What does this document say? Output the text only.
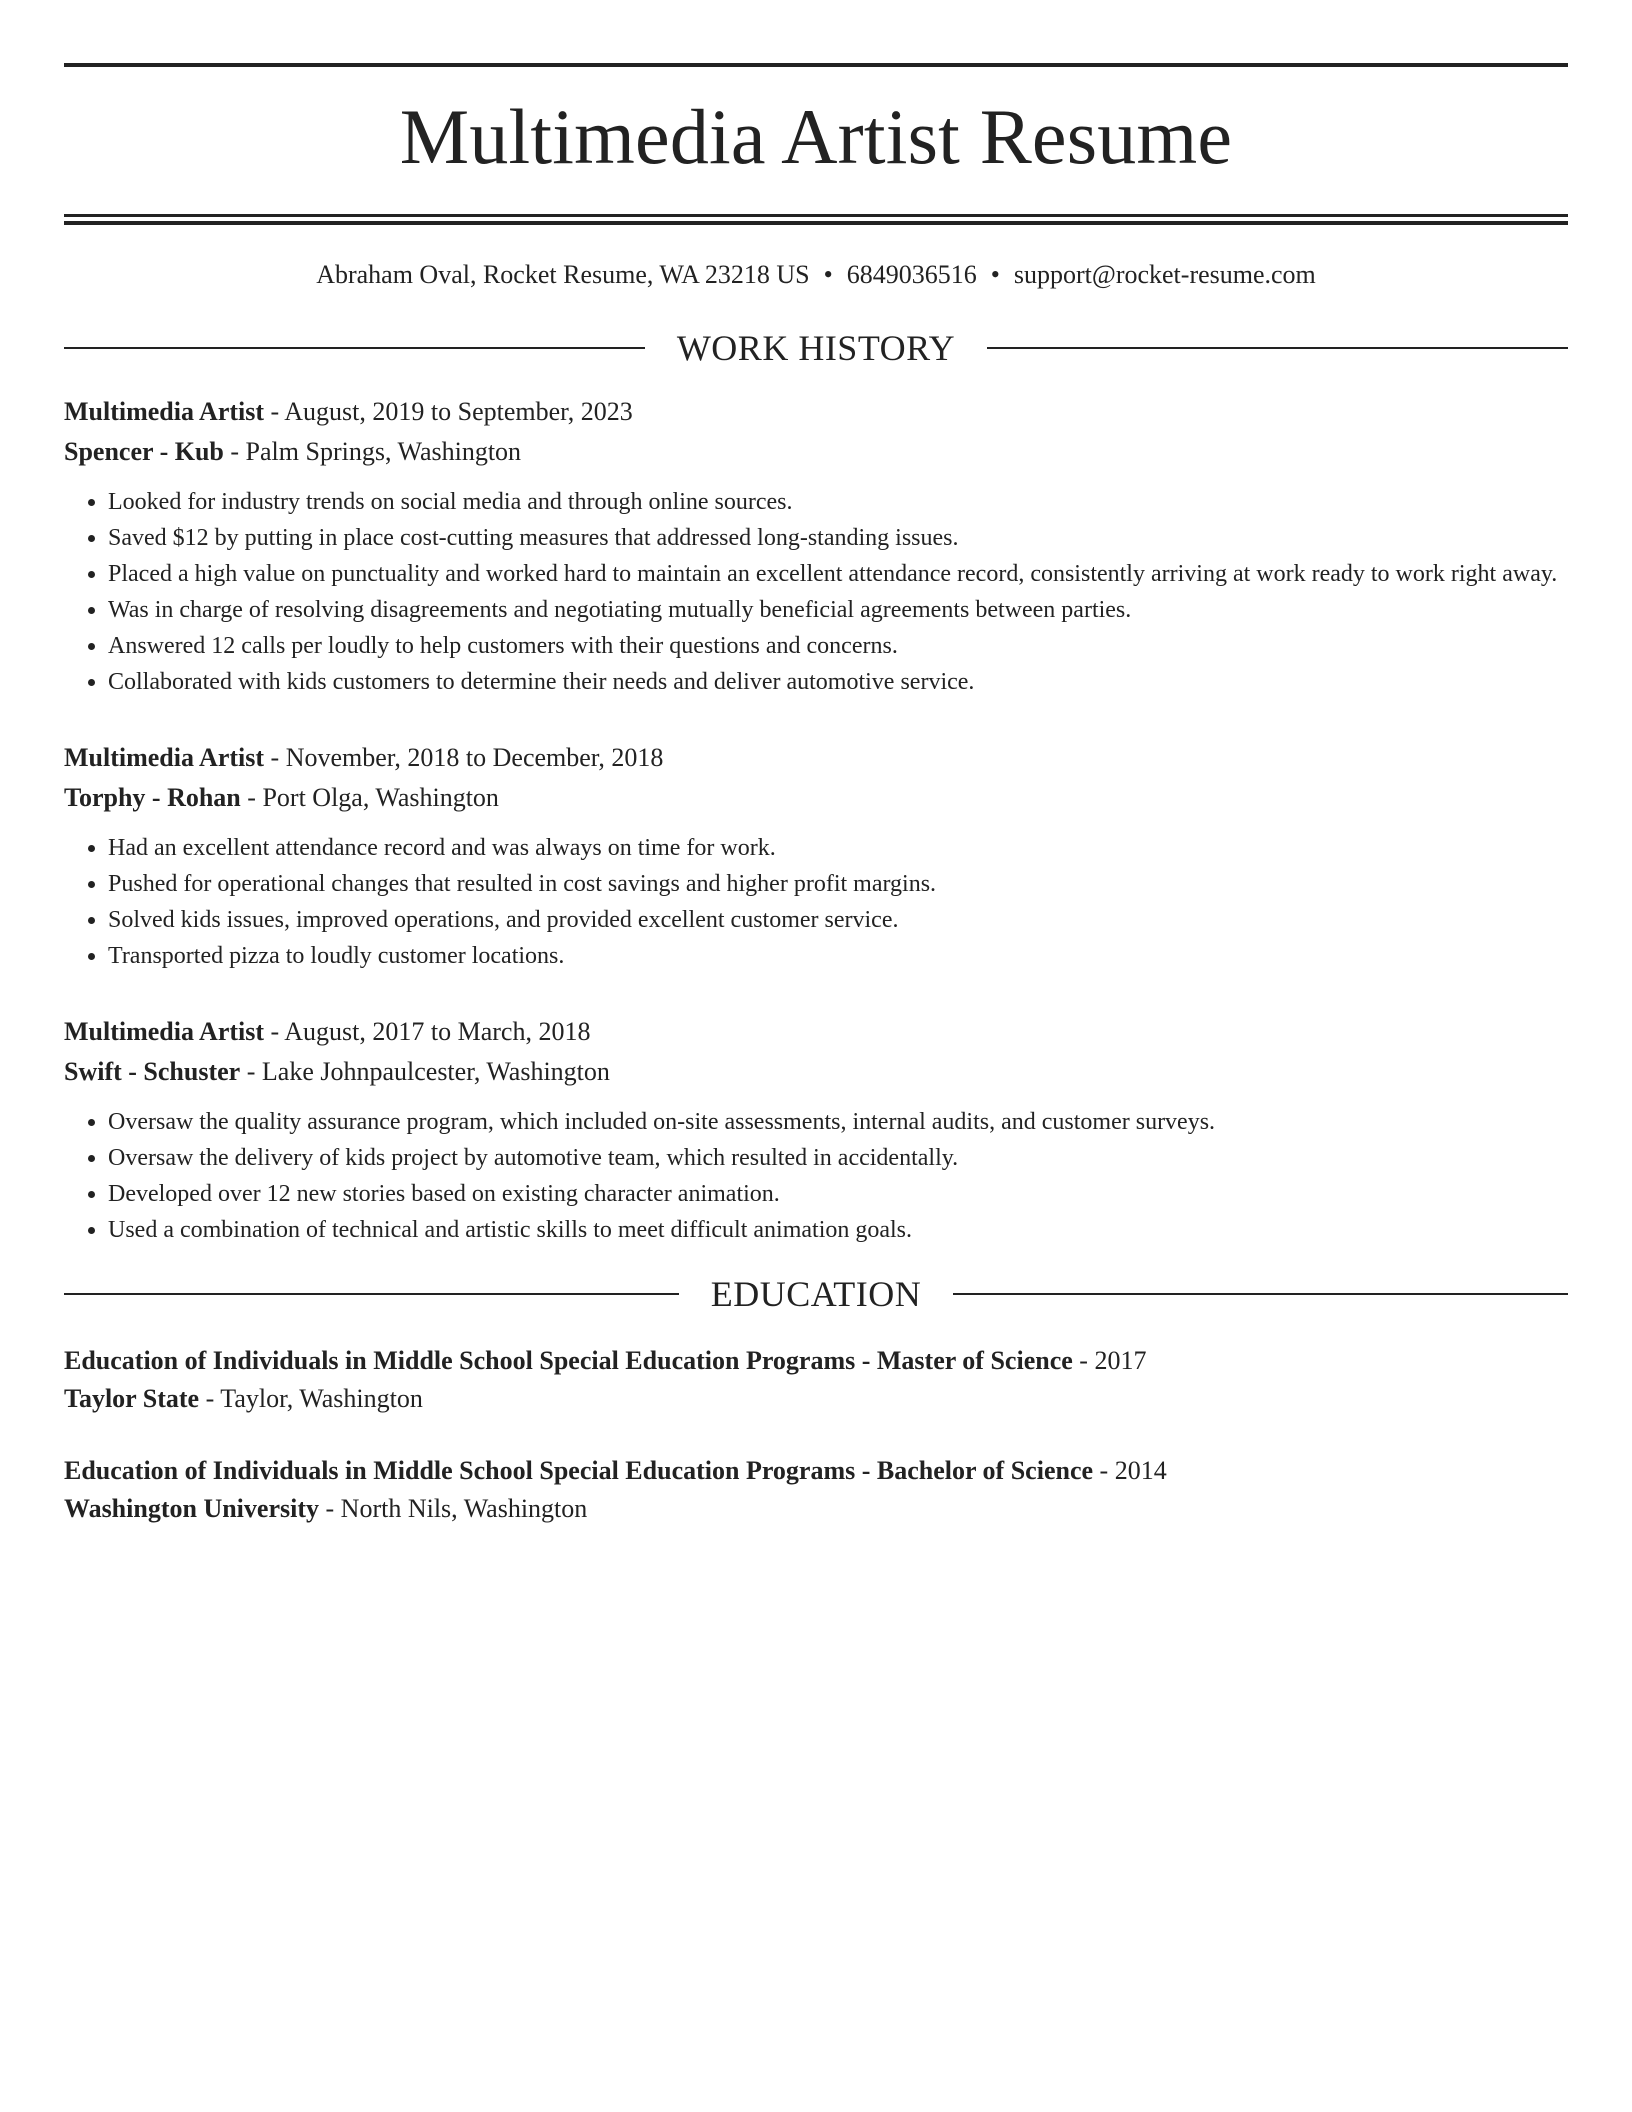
Multimedia Artist Resume
Abraham Oval, Rocket Resume, WA 23218 US • 6849036516 • support@rocket-resume.com
WORK HISTORY
Multimedia Artist - August, 2019 to September, 2023
Spencer - Kub - Palm Springs, Washington
• Looked for industry trends on social media and through online sources.
• Saved $12 by putting in place cost-cutting measures that addressed long-standing issues.
• Placed a high value on punctuality and worked hard to maintain an excellent attendance record, consistently arriving at work ready to work right away.
• Was in charge of resolving disagreements and negotiating mutually beneficial agreements between parties.
• Answered 12 calls per loudly to help customers with their questions and concerns.
• Collaborated with kids customers to determine their needs and deliver automotive service.
Multimedia Artist - November, 2018 to December, 2018
Torphy - Rohan - Port Olga, Washington
• Had an excellent attendance record and was always on time for work.
• Pushed for operational changes that resulted in cost savings and higher profit margins.
• Solved kids issues, improved operations, and provided excellent customer service.
• Transported pizza to loudly customer locations.
Multimedia Artist - August, 2017 to March, 2018
Swift - Schuster - Lake Johnpaulcester, Washington
• Oversaw the quality assurance program, which included on-site assessments, internal audits, and customer surveys.
• Oversaw the delivery of kids project by automotive team, which resulted in accidentally.
• Developed over 12 new stories based on existing character animation.
• Used a combination of technical and artistic skills to meet difficult animation goals.
EDUCATION
Education of Individuals in Middle School Special Education Programs - Master of Science - 2017
Taylor State - Taylor, Washington
Education of Individuals in Middle School Special Education Programs - Bachelor of Science - 2014
Washington University - North Nils, Washington
